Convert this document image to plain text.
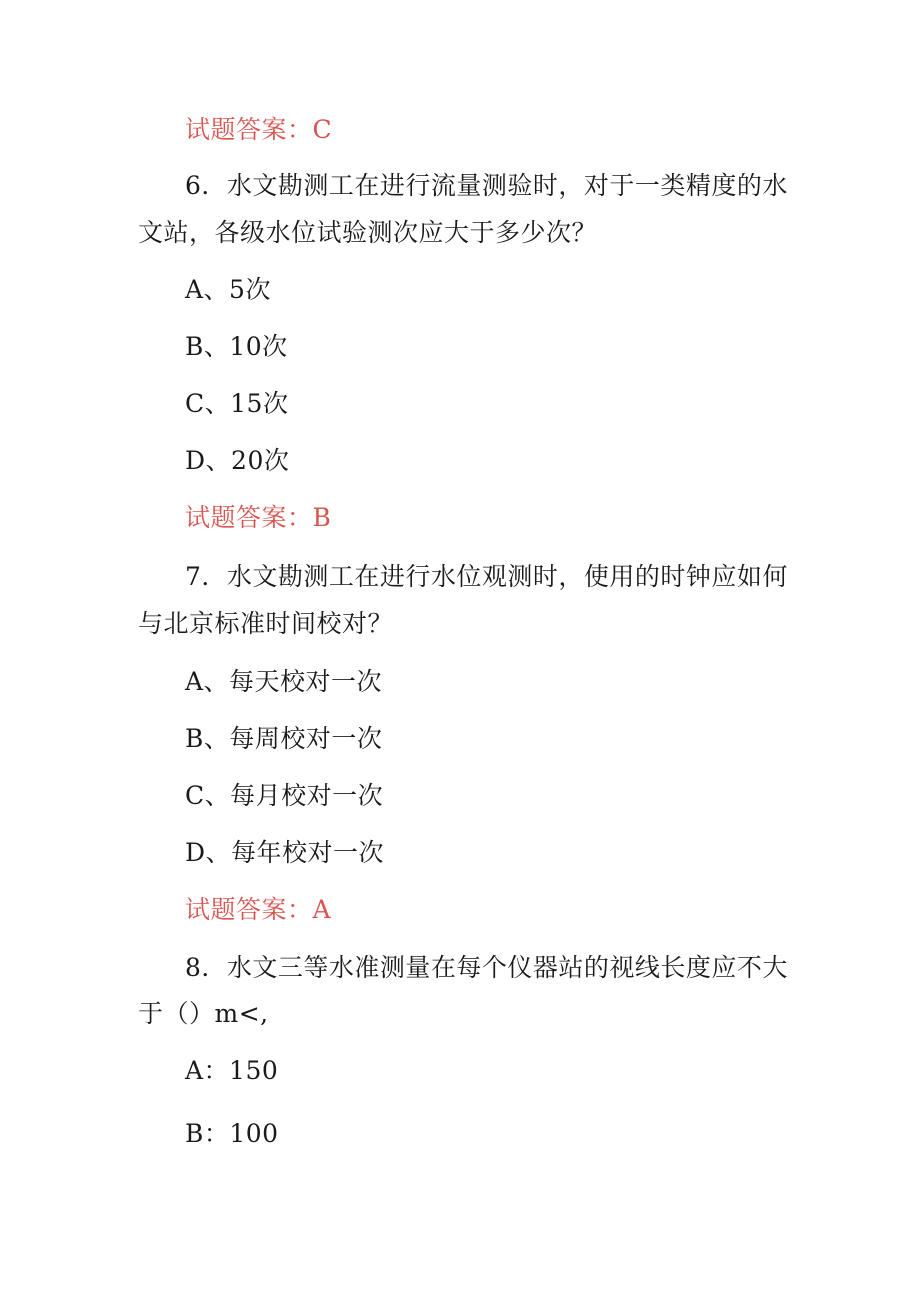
试题答案：C
6．水文勘测工在进行流量测验时，对于一类精度的水
文站，各级水位试验测次应大于多少次？
A、5次
B、10次
C、15次
D、20次
试题答案：B
7．水文勘测工在进行水位观测时，使用的时钟应如何
与北京标准时间校对？
A、每天校对一次
B、每周校对一次
C、每月校对一次
D、每年校对一次
试题答案：A
8．水文三等水准测量在每个仪器站的视线长度应不大
于（）m<,
A：150
B：100
